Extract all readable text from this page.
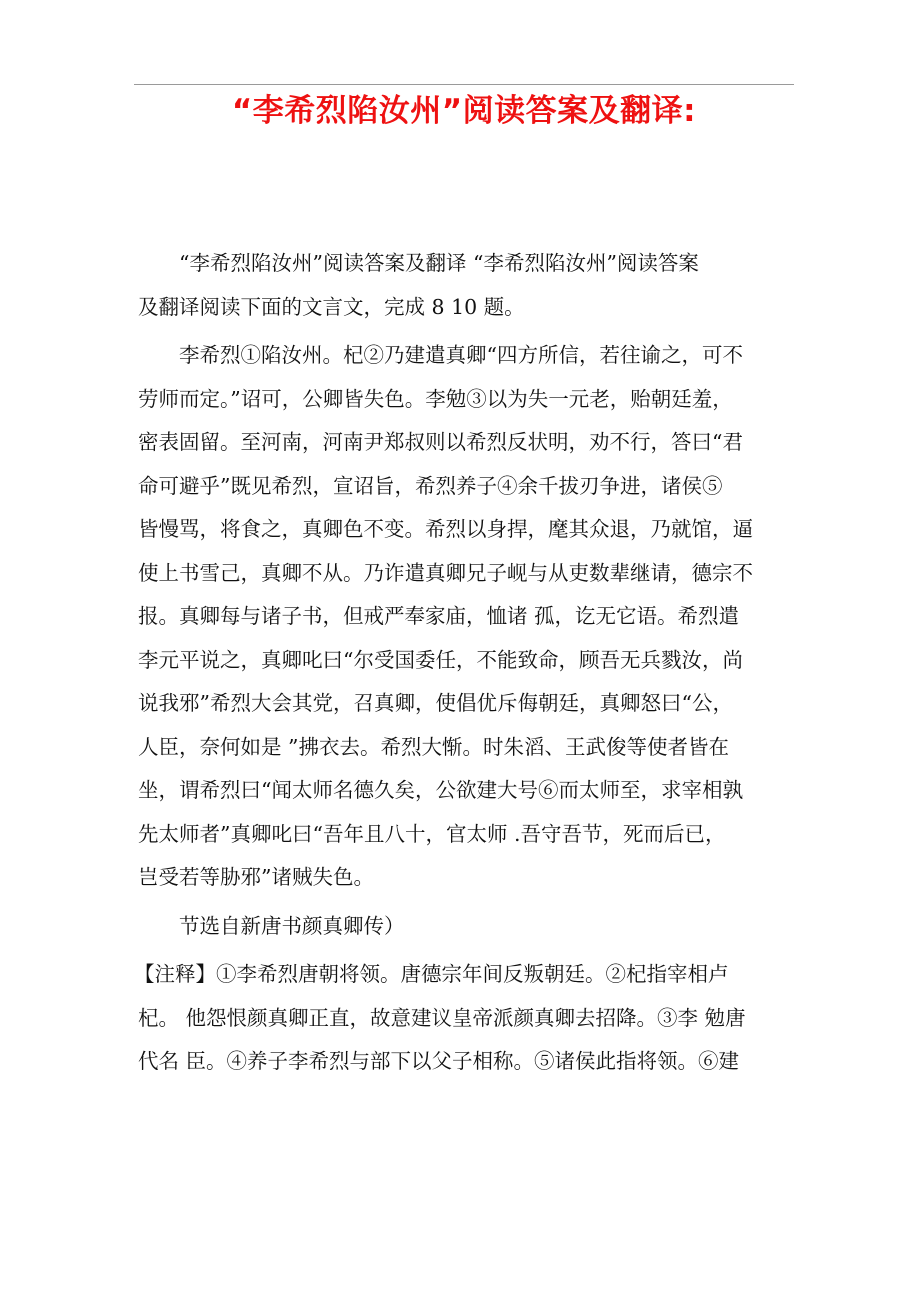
“李希烈陷汝州”阅读答案及翻译:
“李希烈陷汝州”阅读答案及翻译 “李希烈陷汝州”阅读答案
及翻译阅读下面的文言文，完成 8 10 题。
李希烈①陷汝州。杞②乃建遣真卿“四方所信，若往谕之，可不
劳师而定。”诏可，公卿皆失色。李勉③以为失一元老，贻朝廷羞，
密表固留。至河南，河南尹郑叔则以希烈反状明，劝不行，答曰“君
命可避乎”既见希烈，宣诏旨，希烈养子④余千拔刃争进，诸侯⑤
皆慢骂，将食之，真卿色不变。希烈以身捍，麾其众退，乃就馆，逼
使上书雪己，真卿不从。乃诈遣真卿兄子岘与从吏数辈继请，德宗不
报。真卿每与诸子书，但戒严奉家庙，恤诸 孤，讫无它语。希烈遣
李元平说之，真卿叱曰“尔受国委任，不能致命，顾吾无兵戮汝，尚
说我邪”希烈大会其党，召真卿，使倡优斥侮朝廷，真卿怒曰“公，
人臣，奈何如是 ”拂衣去。希烈大惭。时朱滔、王武俊等使者皆在
坐，谓希烈曰“闻太师名德久矣，公欲建大号⑥而太师至，求宰相孰
先太师者”真卿叱曰“吾年且八十，官太师 .吾守吾节，死而后已，
岂受若等胁邪”诸贼失色。
节选自新唐书颜真卿传）
【注释】①李希烈唐朝将领。唐德宗年间反叛朝廷。②杞指宰相卢
杞。 他怨恨颜真卿正直，故意建议皇帝派颜真卿去招降。③李 勉唐
代名 臣。④养子李希烈与部下以父子相称。⑤诸侯此指将领。⑥建
